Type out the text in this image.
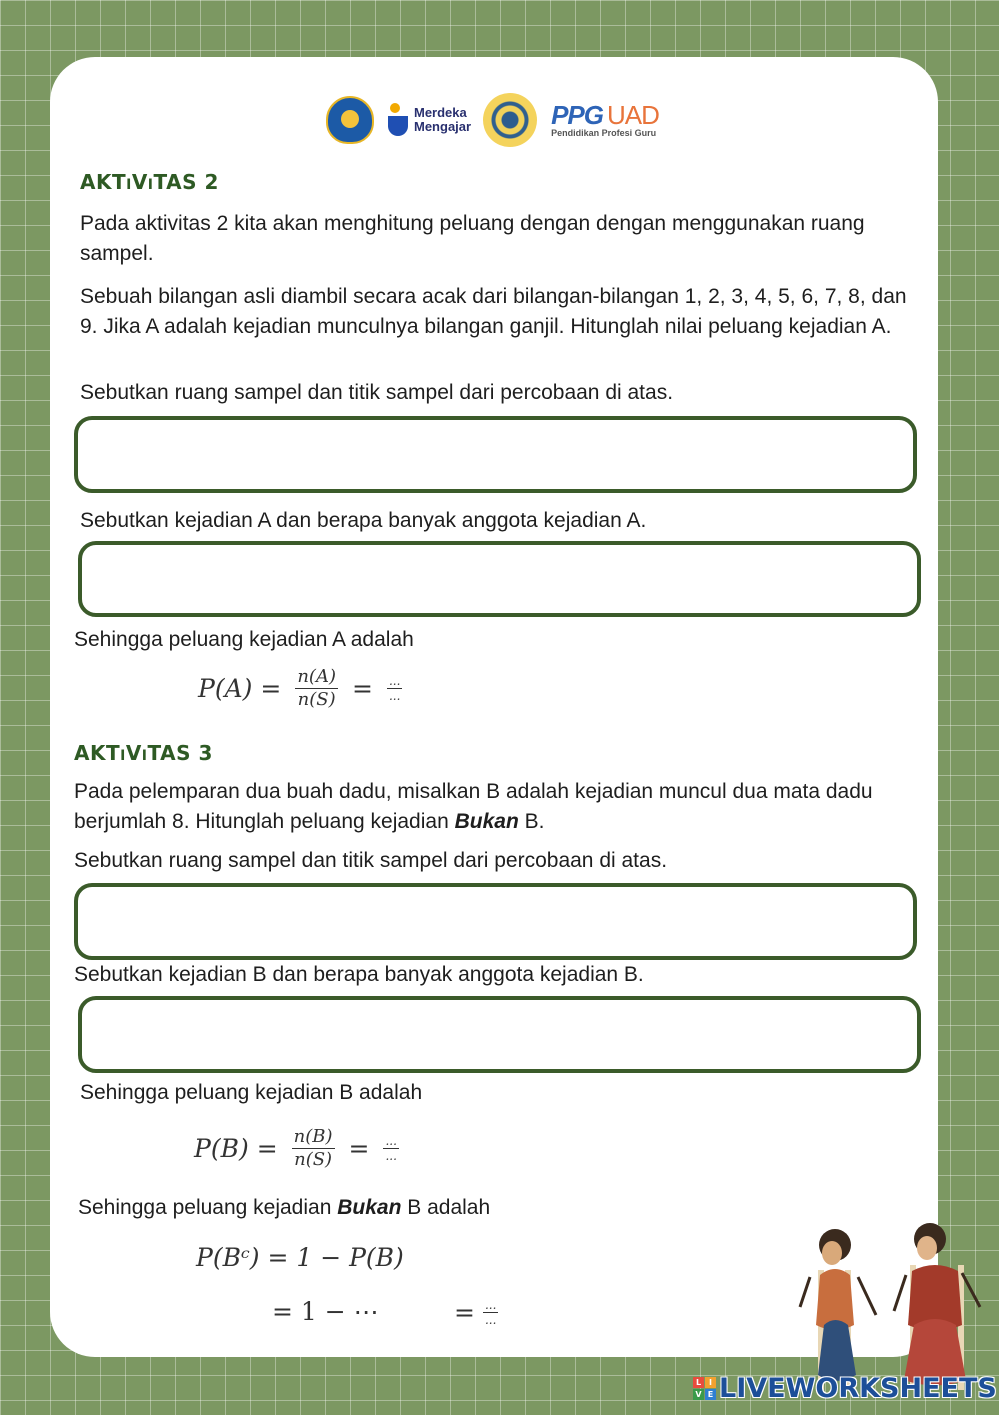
Merdeka
Mengajar	PPG UAD
Pendidikan Profesi Guru
AKTiViTAS 2

Pada aktivitas 2 kita akan menghitung peluang dengan dengan menggunakan ruang sampel.

Sebuah bilangan asli diambil secara acak dari bilangan-bilangan 1, 2, 3, 4, 5, 6, 7, 8, dan 9. Jika A adalah kejadian munculnya bilangan ganjil. Hitunglah nilai peluang kejadian A.

Sebutkan ruang sampel dan titik sampel dari percobaan di atas.

Sebutkan kejadian A dan berapa banyak anggota kejadian A.

Sehingga peluang kejadian A adalah

$P(A) = \frac{n(A)}{n(S)} = \frac{...}{...}$
AKTiViTAS 3

Pada pelemparan dua buah dadu, misalkan B adalah kejadian muncul dua mata dadu berjumlah 8. Hitunglah peluang kejadian Bukan B.

Sebutkan ruang sampel dan titik sampel dari percobaan di atas.

Sebutkan kejadian B dan berapa banyak anggota kejadian B.

Sehingga peluang kejadian B adalah

$P(B) = \frac{n(B)}{n(S)} = \frac{...}{...}$

Sehingga peluang kejadian Bukan B adalah

P(Bᶜ) = 1 − P(B)
= 1 − ⋯	= $\frac{...}{...}$
L I
V E LIVEWORKSHEETS
